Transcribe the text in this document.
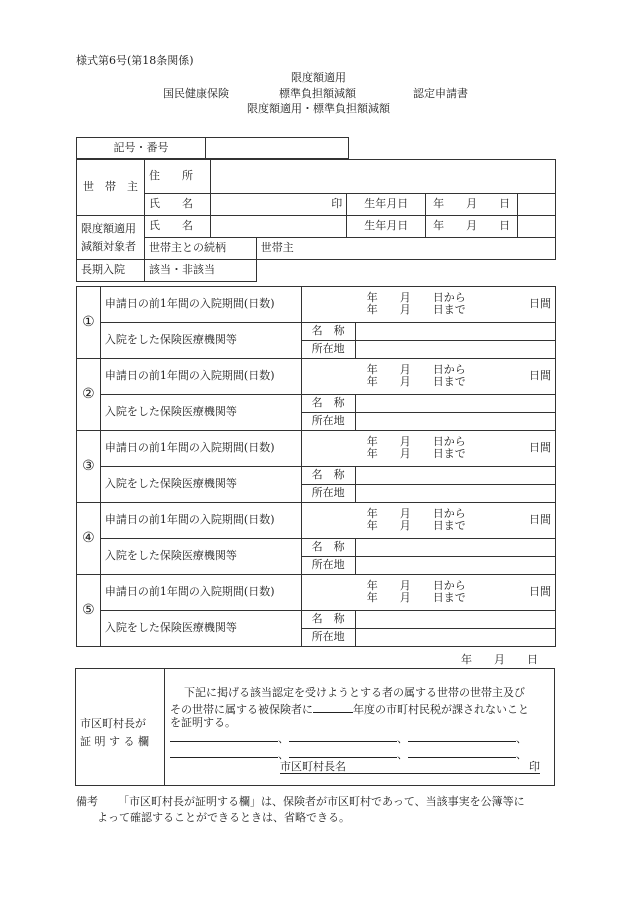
様式第6号(第18条関係)
限度額適用
国民健康保険	標準負担額減額	認定申請書
限度額適用・標準負担額減額
記号・番号	
世　帯　主	住　　所					
	氏　　名	印		生年月日	年　　月　　日	
限度額適用
減額対象者	氏　　名			生年月日	年　　月　　日	
	世帯主との続柄		世帯主			
長期入院	該当・非該当					
①	申請日の前1年間の入院期間(日数)	年　　月　　日から
年　　月　　日まで 日間	

	入院をした保険医療機関等	名　称	
		所在地	
②	申請日の前1年間の入院期間(日数)	年　　月　　日から
年　　月　　日まで 日間	

	入院をした保険医療機関等	名　称	
		所在地	
③	申請日の前1年間の入院期間(日数)	年　　月　　日から
年　　月　　日まで 日間	

	入院をした保険医療機関等	名　称	
		所在地	
④	申請日の前1年間の入院期間(日数)	年　　月　　日から
年　　月　　日まで 日間	

	入院をした保険医療機関等	名　称	
		所在地	
⑤	申請日の前1年間の入院期間(日数)	年　　月　　日から
年　　月　　日まで 日間	

	入院をした保険医療機関等	名　称	
		所在地	
年　　月　　日
市区町村長が
証 明 す る 欄
下記に掲げる該当認定を受けようとする者の属する世帯の世帯主及び
その世帯に属する被保険者に	年度の市町村民税が課されないこと
を証明する。
、	、	、
、	、	、
市区町村長名	印
備考 「市区町村長が証明する欄」は、保険者が市区町村であって、当該事実を公簿等に
よって確認することができるときは、省略できる。
